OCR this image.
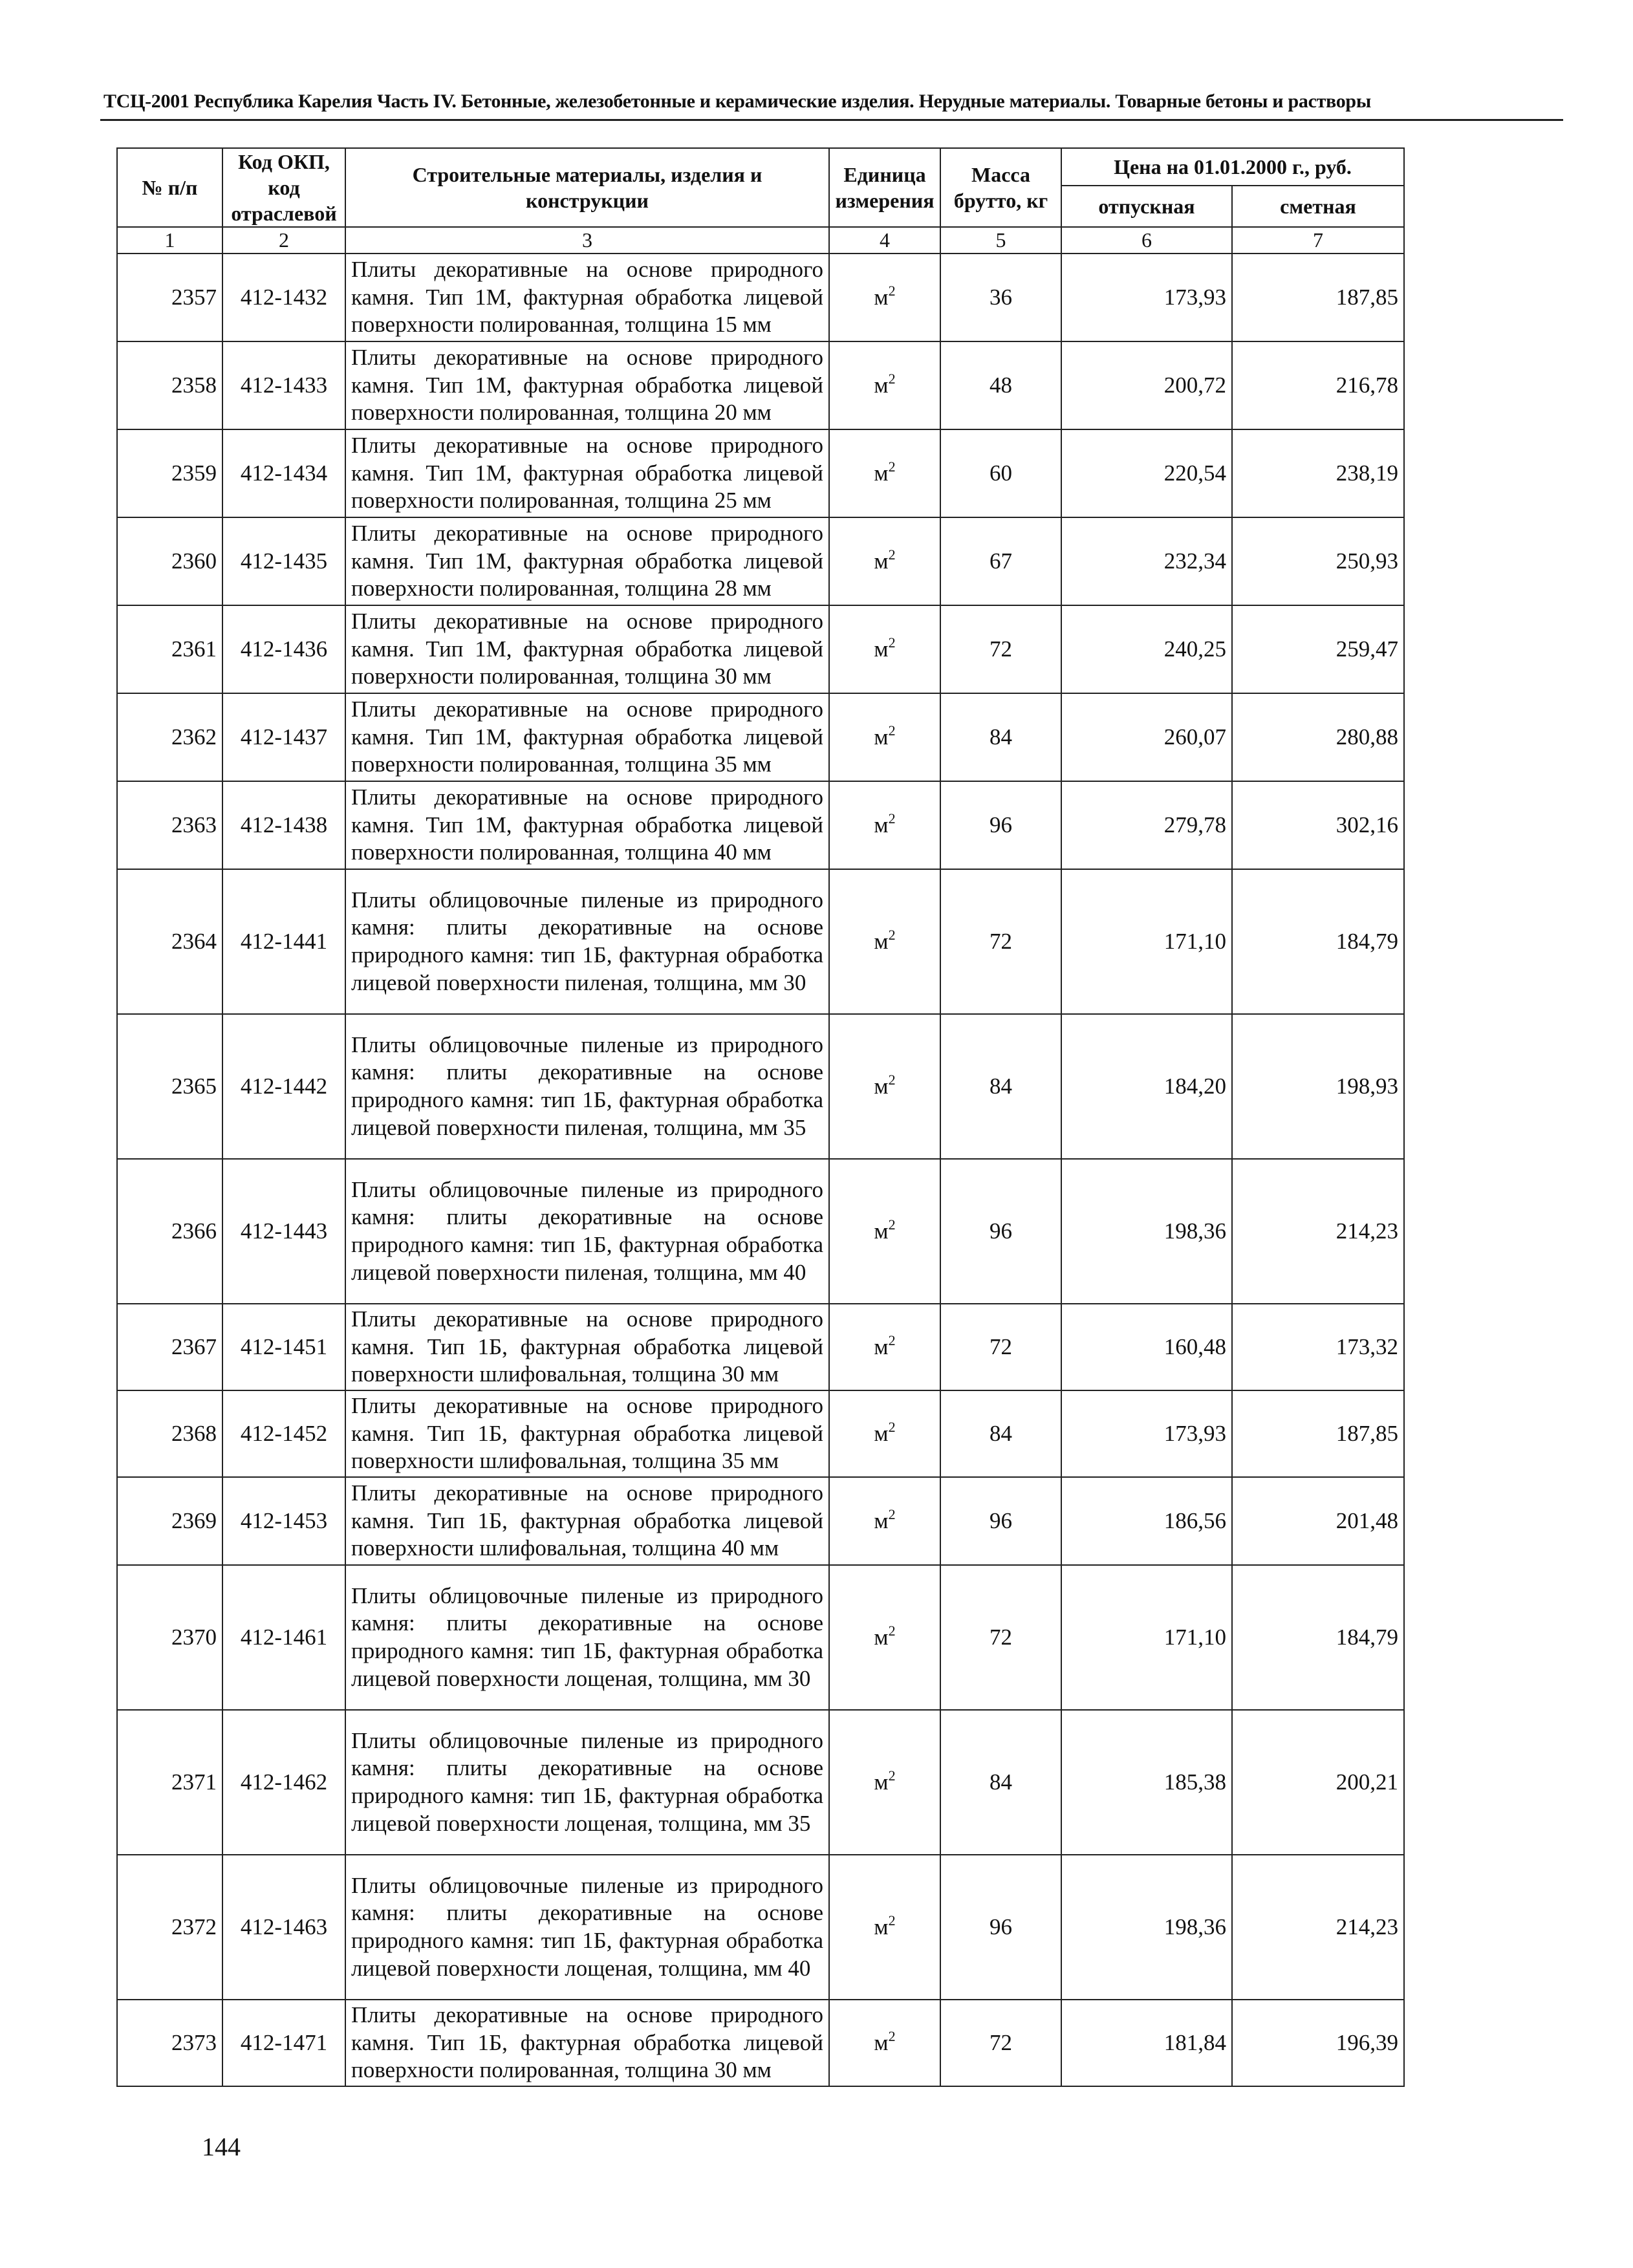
ТСЦ-2001 Республика Карелия Часть IV. Бетонные, железобетонные и керамические изделия. Нерудные материалы. Товарные бетоны и растворы
№ п/п	Код ОКП, код отраслевой	Строительные материалы, изделия и конструкции	Единица измерения	Масса брутто, кг	Цена на 01.01.2000 г., руб.	
					отпускная	сметная
1	2	3	4	5	6	7
2357	412-1432	Плиты декоративные на основе природного камня. Тип 1М, фактурная обработка лицевой поверхности полированная, толщина 15 мм	$м^2$	36	173,93	187,85
2358	412-1433	Плиты декоративные на основе природного камня. Тип 1М, фактурная обработка лицевой поверхности полированная, толщина 20 мм	$м^2$	48	200,72	216,78
2359	412-1434	Плиты декоративные на основе природного камня. Тип 1М, фактурная обработка лицевой поверхности полированная, толщина 25 мм	$м^2$	60	220,54	238,19
2360	412-1435	Плиты декоративные на основе природного камня. Тип 1М, фактурная обработка лицевой поверхности полированная, толщина 28 мм	$м^2$	67	232,34	250,93
2361	412-1436	Плиты декоративные на основе природного камня. Тип 1М, фактурная обработка лицевой поверхности полированная, толщина 30 мм	$м^2$	72	240,25	259,47
2362	412-1437	Плиты декоративные на основе природного камня. Тип 1М, фактурная обработка лицевой поверхности полированная, толщина 35 мм	$м^2$	84	260,07	280,88
2363	412-1438	Плиты декоративные на основе природного камня. Тип 1М, фактурная обработка лицевой поверхности полированная, толщина 40 мм	$м^2$	96	279,78	302,16
2364	412-1441	Плиты облицовочные пиленые из природного камня: плиты декоративные на основе природного камня: тип 1Б, фактурная обработка лицевой поверхности пиленая, толщина, мм 30	$м^2$	72	171,10	184,79
2365	412-1442	Плиты облицовочные пиленые из природного камня: плиты декоративные на основе природного камня: тип 1Б, фактурная обработка лицевой поверхности пиленая, толщина, мм 35	$м^2$	84	184,20	198,93
2366	412-1443	Плиты облицовочные пиленые из природного камня: плиты декоративные на основе природного камня: тип 1Б, фактурная обработка лицевой поверхности пиленая, толщина, мм 40	$м^2$	96	198,36	214,23
2367	412-1451	Плиты декоративные на основе природного камня. Тип 1Б, фактурная обработка лицевой поверхности шлифовальная, толщина 30 мм	$м^2$	72	160,48	173,32
2368	412-1452	Плиты декоративные на основе природного камня. Тип 1Б, фактурная обработка лицевой поверхности шлифовальная, толщина 35 мм	$м^2$	84	173,93	187,85
2369	412-1453	Плиты декоративные на основе природного камня. Тип 1Б, фактурная обработка лицевой поверхности шлифовальная, толщина 40 мм	$м^2$	96	186,56	201,48
2370	412-1461	Плиты облицовочные пиленые из природного камня: плиты декоративные на основе природного камня: тип 1Б, фактурная обработка лицевой поверхности лощеная, толщина, мм 30	$м^2$	72	171,10	184,79
2371	412-1462	Плиты облицовочные пиленые из природного камня: плиты декоративные на основе природного камня: тип 1Б, фактурная обработка лицевой поверхности лощеная, толщина, мм 35	$м^2$	84	185,38	200,21
2372	412-1463	Плиты облицовочные пиленые из природного камня: плиты декоративные на основе природного камня: тип 1Б, фактурная обработка лицевой поверхности лощеная, толщина, мм 40	$м^2$	96	198,36	214,23
2373	412-1471	Плиты декоративные на основе природного камня. Тип 1Б, фактурная обработка лицевой поверхности полированная, толщина 30 мм	$м^2$	72	181,84	196,39
144
